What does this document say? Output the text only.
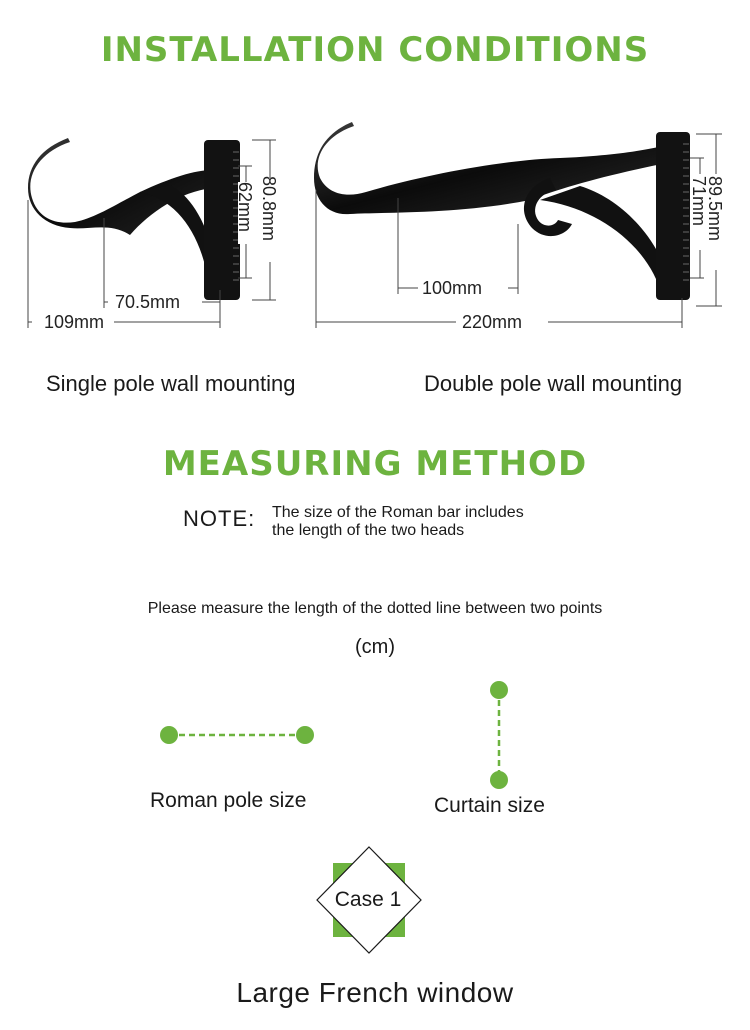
INSTALLATION CONDITIONS
70.5mm
109mm
80.8mm
62mm
100mm
220mm
89.5mm
71mm
Single pole wall mounting	Double pole wall mounting
MEASURING METHOD
NOTE: The size of the Roman bar includes
the length of the two heads
Please measure the length of the dotted line between two points
(cm)
Roman pole size	Curtain size
Case 1
Large French window
